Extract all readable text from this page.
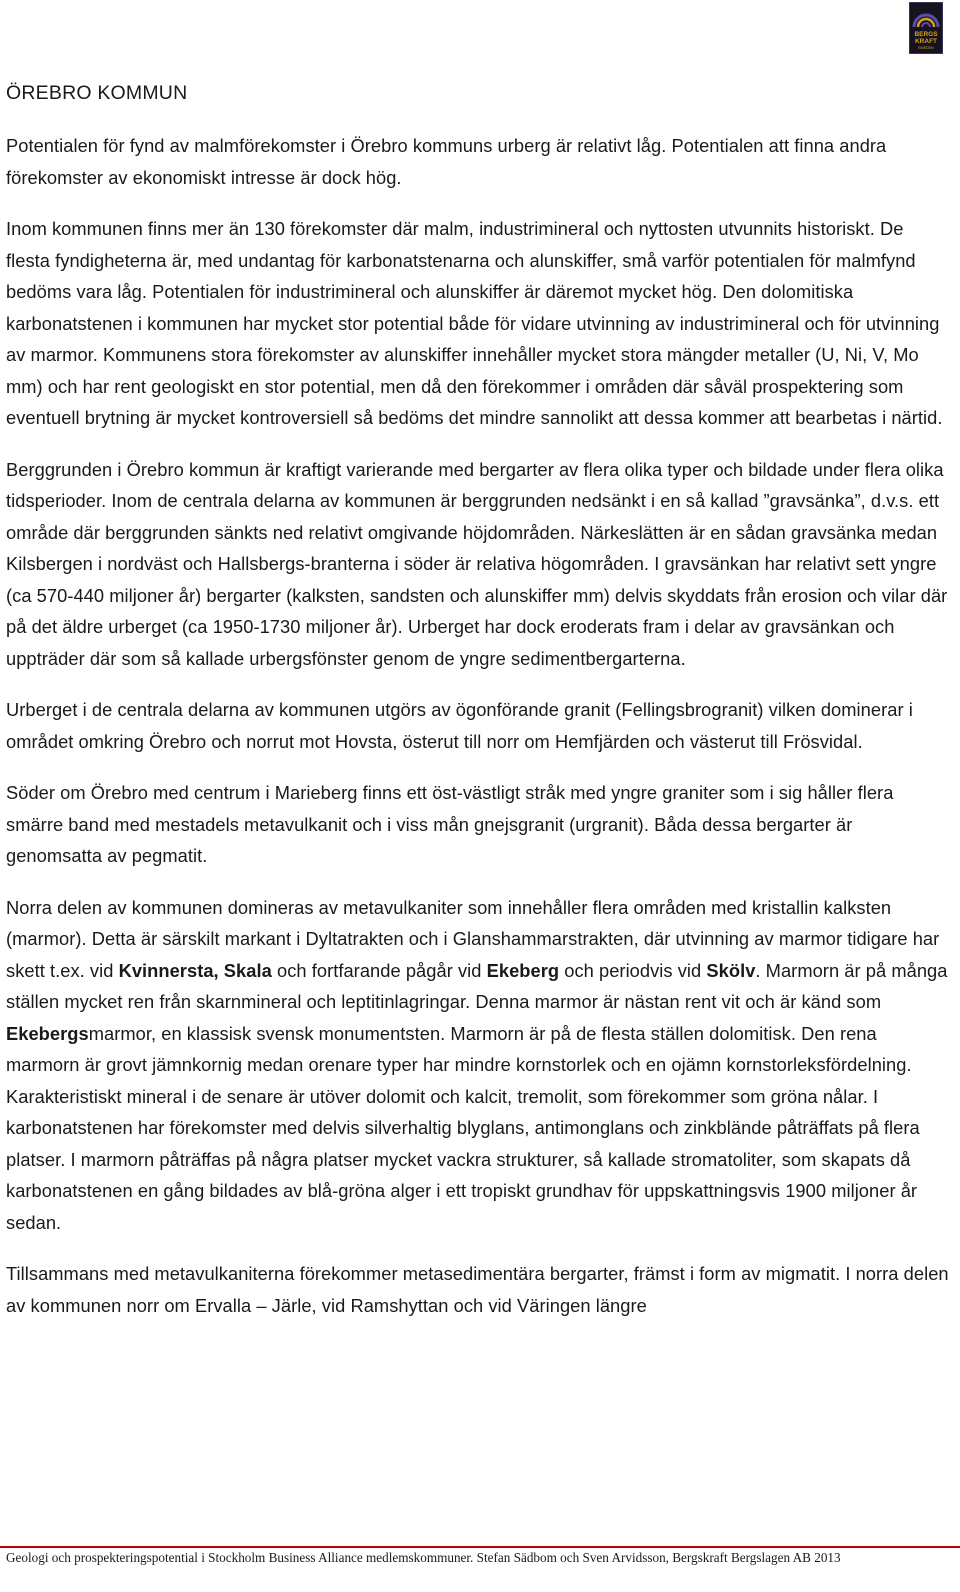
BERGS
KRAFT
SWEDEN
ÖREBRO KOMMUN

Potentialen för fynd av malmförekomster i Örebro kommuns urberg är relativt låg. Potentialen att finna andra förekomster av ekonomiskt intresse är dock hög.

Inom kommunen finns mer än 130 förekomster där malm, industrimineral och nyttosten utvunnits historiskt. De flesta fyndigheterna är, med undantag för karbonatstenarna och alunskiffer, små varför potentialen för malmfynd bedöms vara låg. Potentialen för industrimineral och alunskiffer är däremot mycket hög. Den dolomitiska karbonatstenen i kommunen har mycket stor potential både för vidare utvinning av industrimineral och för utvinning av marmor. Kommunens stora förekomster av alunskiffer innehåller mycket stora mängder metaller (U, Ni, V, Mo mm) och har rent geologiskt en stor potential, men då den förekommer i områden där såväl prospektering som eventuell brytning är mycket kontroversiell så bedöms det mindre sannolikt att dessa kommer att bearbetas i närtid.

Berggrunden i Örebro kommun är kraftigt varierande med bergarter av flera olika typer och bildade under flera olika tidsperioder. Inom de centrala delarna av kommunen är berggrunden nedsänkt i en så kallad ”gravsänka”, d.v.s. ett område där berggrunden sänkts ned relativt omgivande höjdområden. Närkeslätten är en sådan gravsänka medan Kilsbergen i nordväst och Hallsbergs-branterna i söder är relativa högområden. I gravsänkan har relativt sett yngre (ca 570-440 miljoner år) bergarter (kalksten, sandsten och alunskiffer mm) delvis skyddats från erosion och vilar där på det äldre urberget (ca 1950-1730 miljoner år). Urberget har dock eroderats fram i delar av gravsänkan och uppträder där som så kallade urbergsfönster genom de yngre sedimentbergarterna.

Urberget i de centrala delarna av kommunen utgörs av ögonförande granit (Fellingsbrogranit) vilken dominerar i området omkring Örebro och norrut mot Hovsta, österut till norr om Hemfjärden och västerut till Frösvidal.

Söder om Örebro med centrum i Marieberg finns ett öst-västligt stråk med yngre graniter som i sig håller flera smärre band med mestadels metavulkanit och i viss mån gnejsgranit (urgranit). Båda dessa bergarter är genomsatta av pegmatit.

Norra delen av kommunen domineras av metavulkaniter som innehåller flera områden med kristallin kalksten (marmor). Detta är särskilt markant i Dyltatrakten och i Glanshammarstrakten, där utvinning av marmor tidigare har skett t.ex. vid Kvinnersta, Skala och fortfarande pågår vid Ekeberg och periodvis vid Skölv. Marmorn är på många ställen mycket ren från skarnmineral och leptitinlagringar. Denna marmor är nästan rent vit och är känd som Ekebergsmarmor, en klassisk svensk monumentsten. Marmorn är på de flesta ställen dolomitisk. Den rena marmorn är grovt jämnkornig medan orenare typer har mindre kornstorlek och en ojämn kornstorleksfördelning. Karakteristiskt mineral i de senare är utöver dolomit och kalcit, tremolit, som förekommer som gröna nålar. I karbonatstenen har förekomster med delvis silverhaltig blyglans, antimonglans och zinkblände påträffats på flera platser. I marmorn påträffas på några platser mycket vackra strukturer, så kallade stromatoliter, som skapats då karbonatstenen en gång bildades av blå-gröna alger i ett tropiskt grundhav för uppskattningsvis 1900 miljoner år sedan.

Tillsammans med metavulkaniterna förekommer metasedimentära bergarter, främst i form av migmatit. I norra delen av kommunen norr om Ervalla – Järle, vid Ramshyttan och vid Väringen längre

Geologi och prospekteringspotential i Stockholm Business Alliance medlemskommuner. Stefan Sädbom och Sven Arvidsson, Bergskraft Bergslagen AB 2013
